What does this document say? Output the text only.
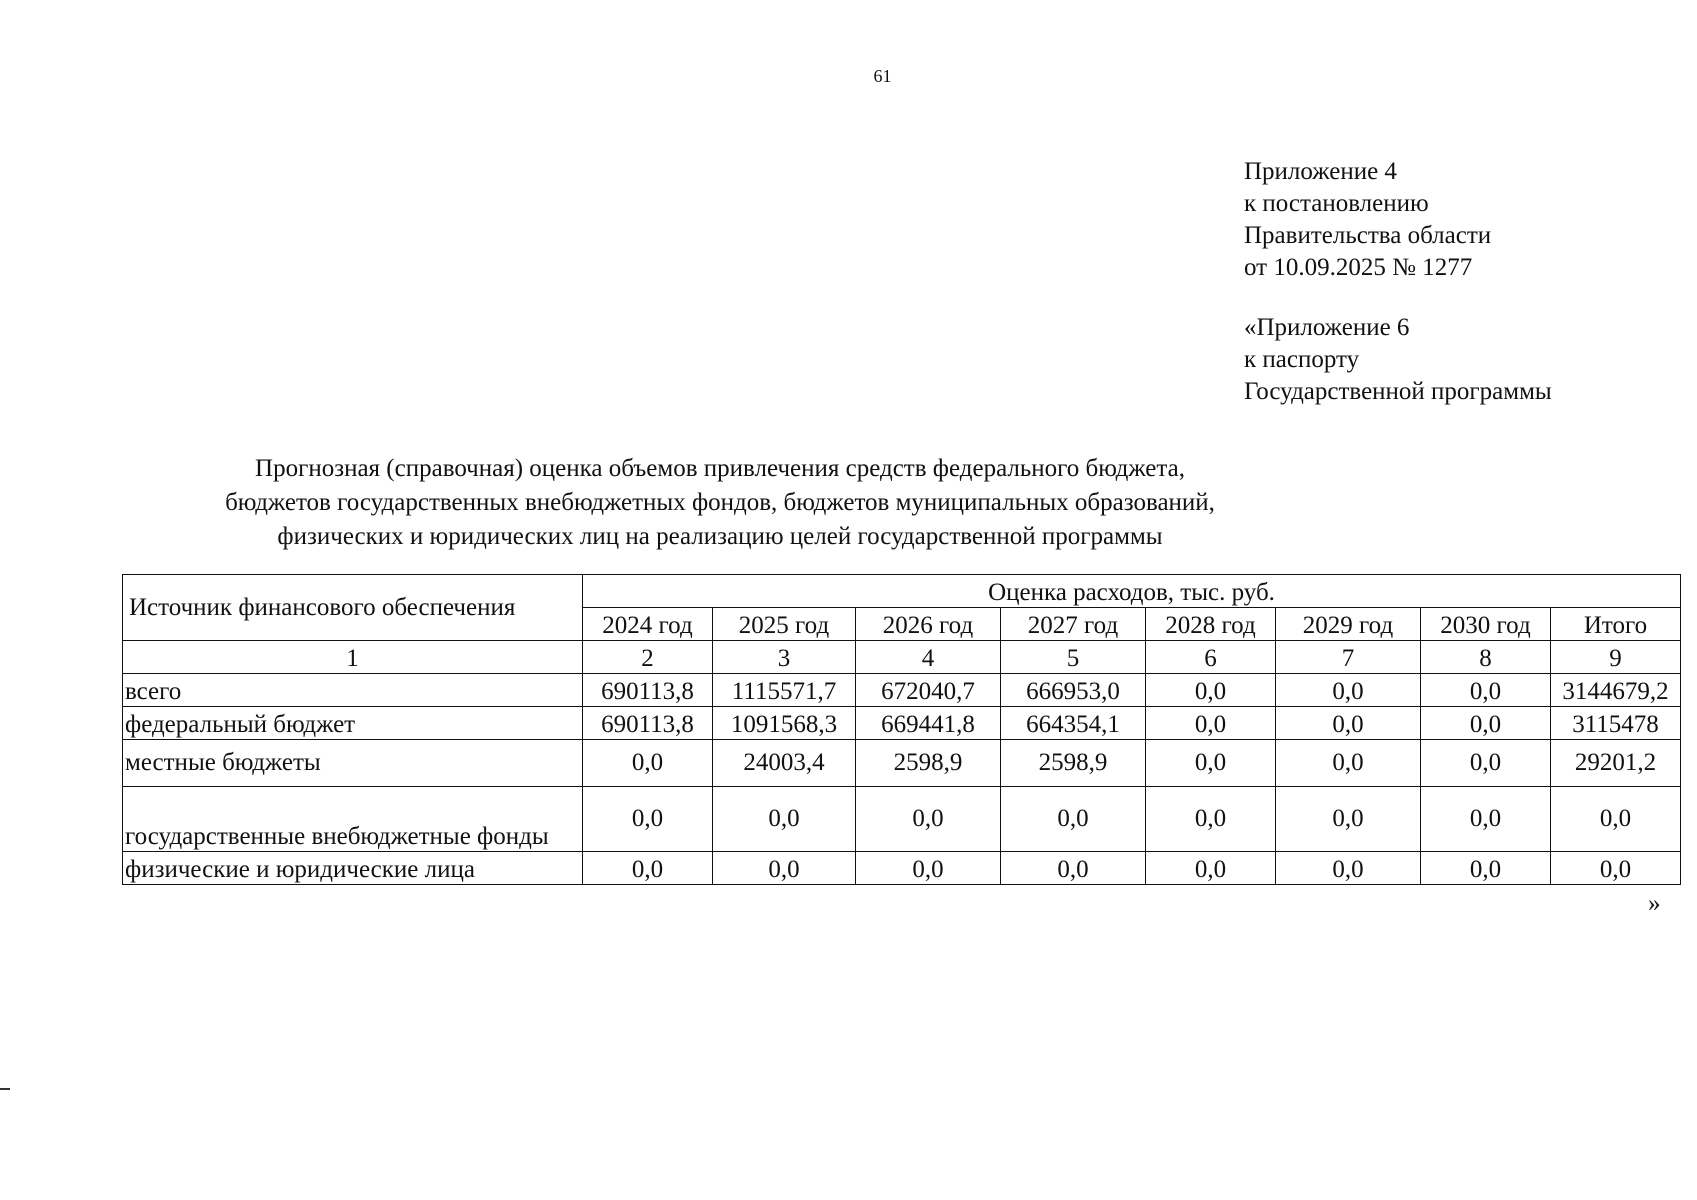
61
Приложение 4
к постановлению
Правительства области
от 10.09.2025 № 1277
«Приложение 6
к паспорту
Государственной программы
Прогнозная (справочная) оценка объемов привлечения средств федерального бюджета,
бюджетов государственных внебюджетных фондов, бюджетов муниципальных образований,
физических и юридических лиц на реализацию целей государственной программы
Источник финансового обеспечения	Оценка расходов, тыс. руб.							
	2024 год	2025 год	2026 год	2027 год	2028 год	2029 год	2030 год	Итого
1	2	3	4	5	6	7	8	9
всего	690113,8	1115571,7	672040,7	666953,0	0,0	0,0	0,0	3144679,2
федеральный бюджет	690113,8	1091568,3	669441,8	664354,1	0,0	0,0	0,0	3115478
местные бюджеты	0,0	24003,4	2598,9	2598,9	0,0	0,0	0,0	29201,2
государственные внебюджетные фонды	0,0	0,0	0,0	0,0	0,0	0,0	0,0	0,0
физические и юридические лица	0,0	0,0	0,0	0,0	0,0	0,0	0,0	0,0
»
